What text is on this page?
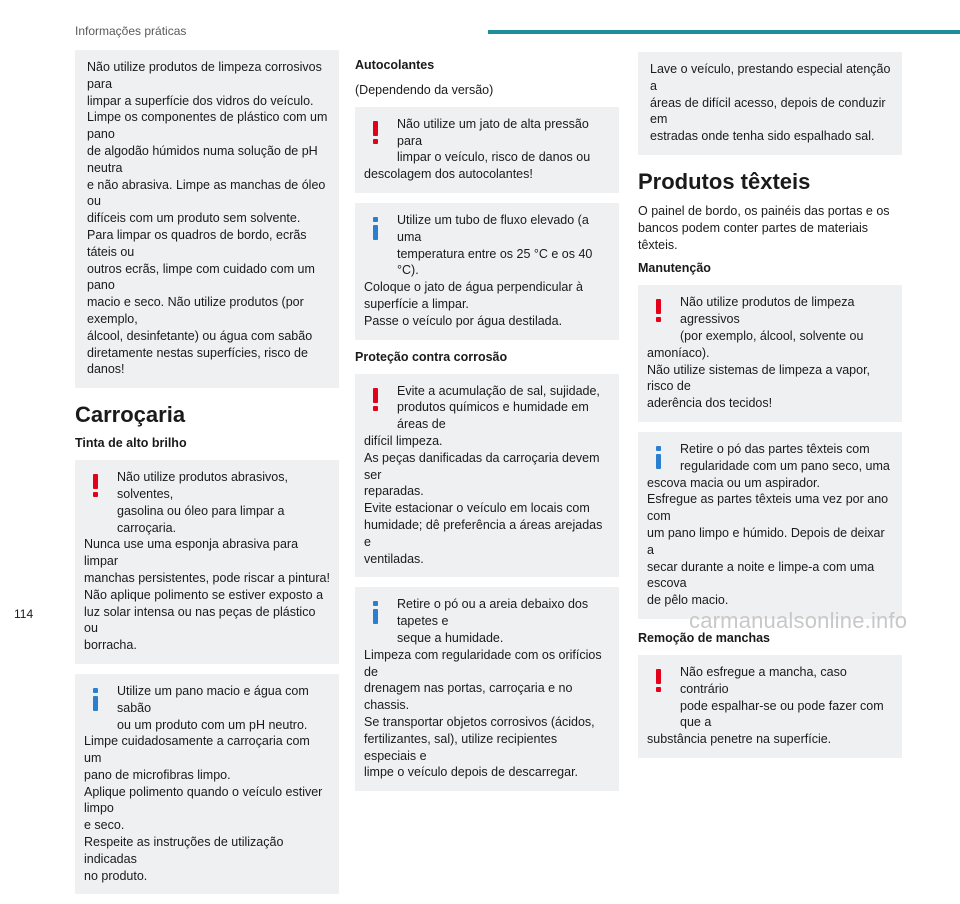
Informações práticas
Não utilize produtos de limpeza corrosivos para
limpar a superfície dos vidros do veículo.
Limpe os componentes de plástico com um pano
de algodão húmidos numa solução de pH neutra
e não abrasiva. Limpe as manchas de óleo ou
difíceis com um produto sem solvente.
Para limpar os quadros de bordo, ecrãs táteis ou
outros ecrãs, limpe com cuidado com um pano
macio e seco. Não utilize produtos (por exemplo,
álcool, desinfetante) ou água com sabão
diretamente nestas superfícies, risco de danos!
Carroçaria
Tinta de alto brilho
Não utilize produtos abrasivos, solventes,
gasolina ou óleo para limpar a carroçaria.
Nunca use uma esponja abrasiva para limpar
manchas persistentes, pode riscar a pintura!
Não aplique polimento se estiver exposto a
luz solar intensa ou nas peças de plástico ou
borracha.
Utilize um pano macio e água com sabão
ou um produto com um pH neutro.
Limpe cuidadosamente a carroçaria com um
pano de microfibras limpo.
Aplique polimento quando o veículo estiver limpo
e seco.
Respeite as instruções de utilização indicadas
no produto.
Autocolantes
(Dependendo da versão)
Não utilize um jato de alta pressão para
limpar o veículo, risco de danos ou
descolagem dos autocolantes!
Utilize um tubo de fluxo elevado (a uma
temperatura entre os 25 °C e os 40 °C).
Coloque o jato de água perpendicular à
superfície a limpar.
Passe o veículo por água destilada.
Proteção contra corrosão
Evite a acumulação de sal, sujidade,
produtos químicos e humidade em áreas de
difícil limpeza.
As peças danificadas da carroçaria devem ser
reparadas.
Evite estacionar o veículo em locais com
humidade; dê preferência a áreas arejadas e
ventiladas.
Retire o pó ou a areia debaixo dos tapetes e
seque a humidade.
Limpeza com regularidade com os orifícios de
drenagem nas portas, carroçaria e no chassis.
Se transportar objetos corrosivos (ácidos,
fertilizantes, sal), utilize recipientes especiais e
limpe o veículo depois de descarregar.
Lave o veículo, prestando especial atenção a
áreas de difícil acesso, depois de conduzir em
estradas onde tenha sido espalhado sal.
Produtos têxteis
O painel de bordo, os painéis das portas e os
bancos podem conter partes de materiais têxteis.
Manutenção
Não utilize produtos de limpeza agressivos
(por exemplo, álcool, solvente ou
amoníaco).
Não utilize sistemas de limpeza a vapor, risco de
aderência dos tecidos!
Retire o pó das partes têxteis com
regularidade com um pano seco, uma
escova macia ou um aspirador.
Esfregue as partes têxteis uma vez por ano com
um pano limpo e húmido. Depois de deixar a
secar durante a noite e limpe-a com uma escova
de pêlo macio.
Remoção de manchas
Não esfregue a mancha, caso contrário
pode espalhar-se ou pode fazer com que a
substância penetre na superfície.
114	carmanualsonline.info
